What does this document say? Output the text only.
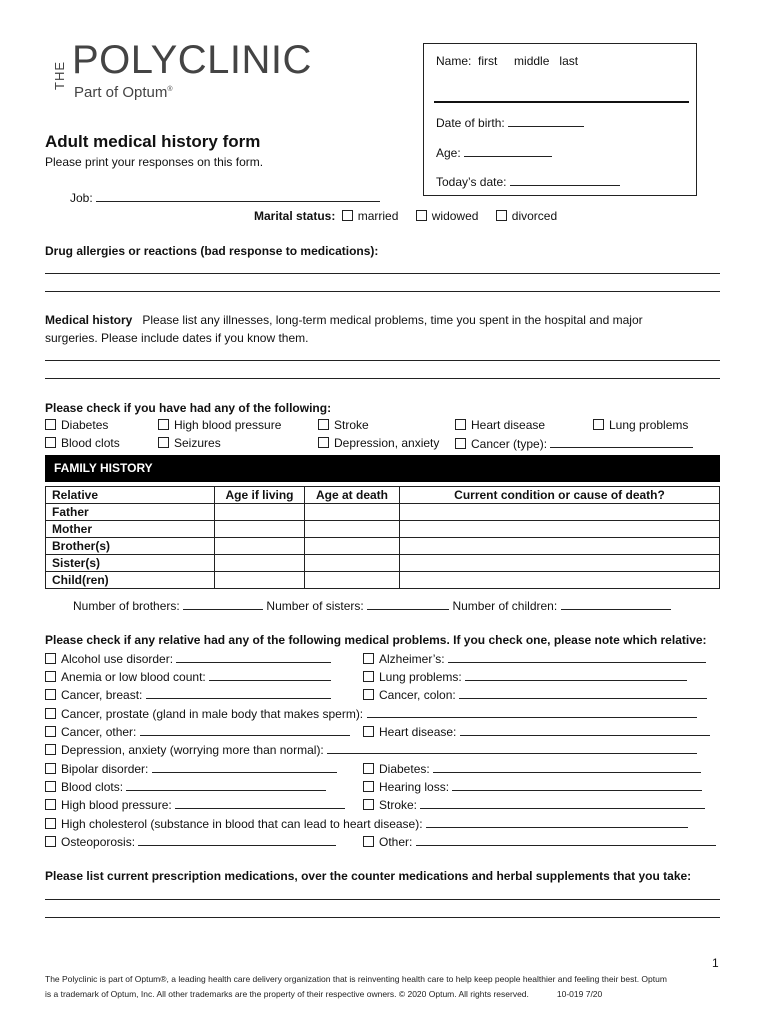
THE POLYCLINIC
Part of Optum®
Name: first middle last
Date of birth:
Age:
Today’s date:
Adult medical history form
Please print your responses on this form.
Job:
Marital status: married	widowed	divorced
Drug allergies or reactions (bad response to medications):
Medical history Please list any illnesses, long-term medical problems, time you spent in the hospital and major
surgeries. Please include dates if you know them.
Please check if you have had any of the following:
Diabetes	High blood pressure	Stroke	Heart disease	Lung problems
Blood clots	Seizures	Depression, anxiety	Cancer (type):
FAMILY HISTORY
Relative	Age if living	Age at death	Current condition or cause of death?
Father			
Mother			
Brother(s)			
Sister(s)			
Child(ren)			
Number of brothers:	Number of sisters:	Number of children:
Please check if any relative had any of the following medical problems. If you check one, please note which relative:
Alcohol use disorder:	Alzheimer’s:
Anemia or low blood count:	Lung problems:
Cancer, breast:	Cancer, colon:
Cancer, prostate (gland in male body that makes sperm):
Cancer, other:	Heart disease:
Depression, anxiety (worrying more than normal):
Bipolar disorder:	Diabetes:
Blood clots:	Hearing loss:
High blood pressure:	Stroke:
High cholesterol (substance in blood that can lead to heart disease):
Osteoporosis:	Other:
Please list current prescription medications, over the counter medications and herbal supplements that you take:
1
The Polyclinic is part of Optum®, a leading health care delivery organization that is reinventing health care to help keep people healthier and feeling their best. Optum
is a trademark of Optum, Inc. All other trademarks are the property of their respective owners. © 2020 Optum. All rights reserved.	10-019 7/20
